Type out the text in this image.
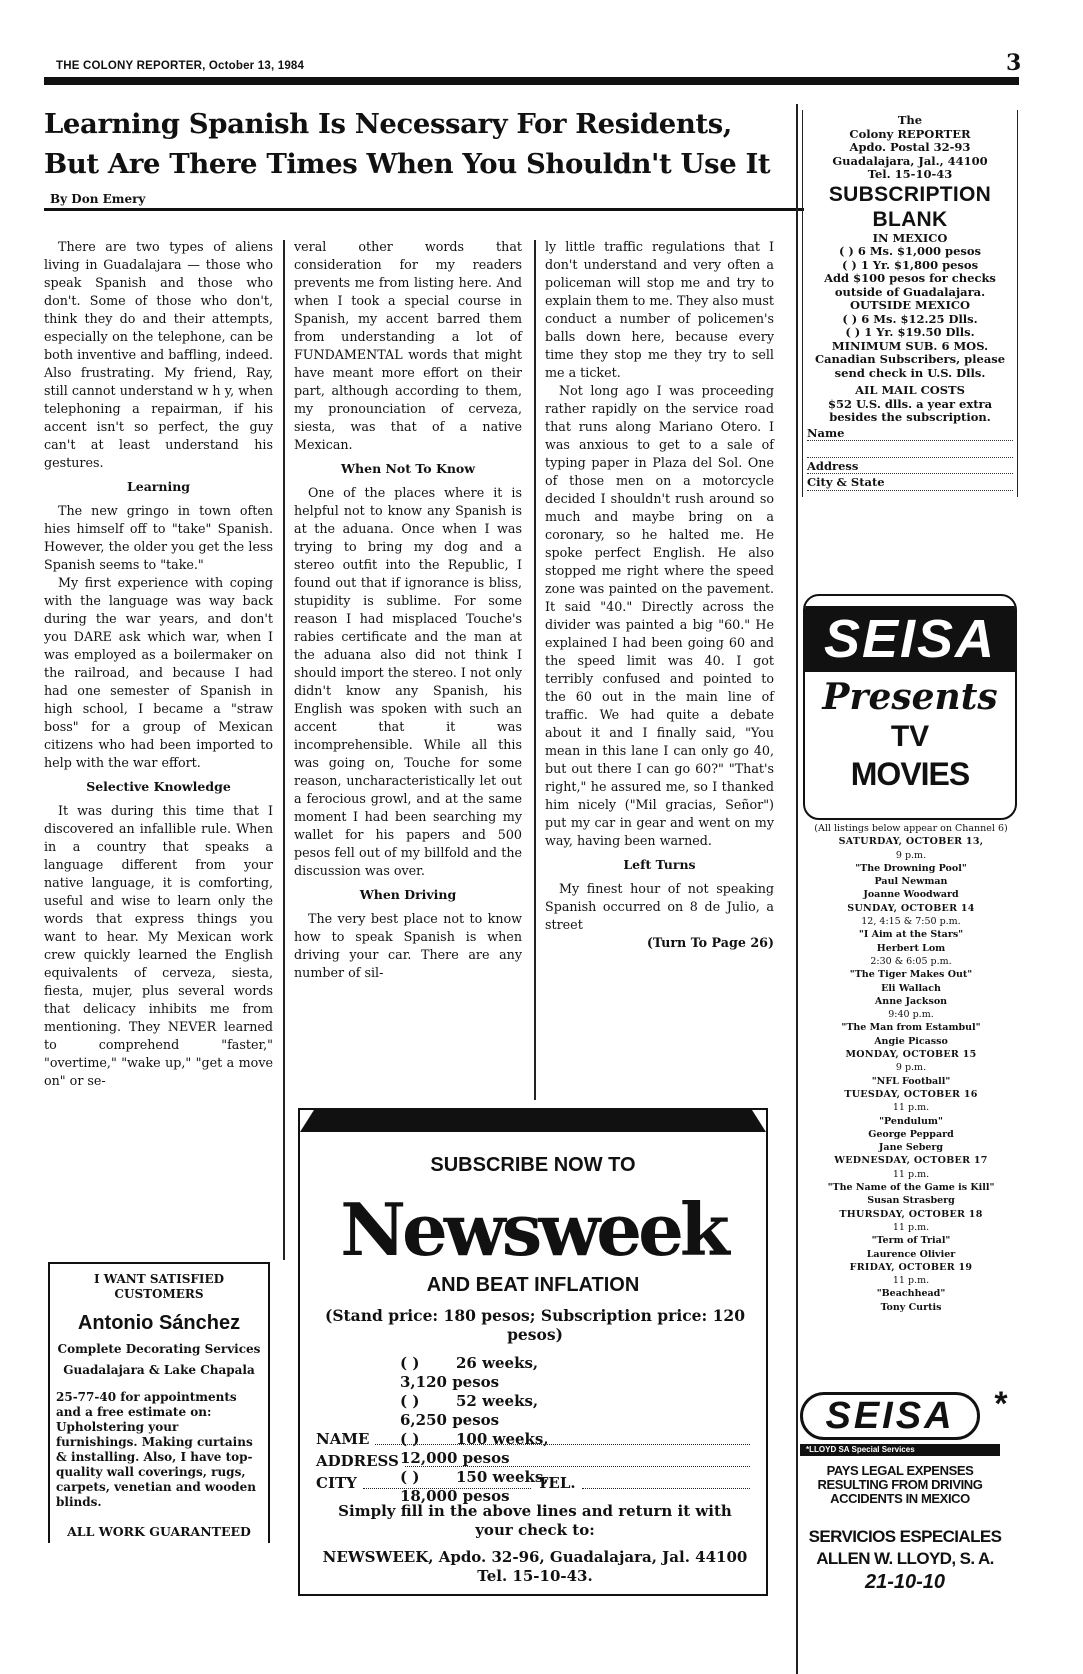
THE COLONY REPORTER, October 13, 1984	3
Learning Spanish Is Necessary For Residents,
But Are There Times When You Shouldn't Use It
By Don Emery

There are two types of aliens living in Guadalajara — those who speak Spanish and those who don't. Some of those who don't, think they do and their attempts, especially on the telephone, can be both inventive and baffling, indeed. Also frustrating. My friend, Ray, still cannot understand w h y, when telephoning a repairman, if his accent isn't so perfect, the guy can't at least understand his gestures.

Learning

The new gringo in town often hies himself off to "take" Spanish. However, the older you get the less Spanish seems to "take."

My first experience with coping with the language was way back during the war years, and don't you DARE ask which war, when I was employed as a boilermaker on the railroad, and because I had had one semester of Spanish in high school, I became a "straw boss" for a group of Mexican citizens who had been imported to help with the war effort.

Selective Knowledge

It was during this time that I discovered an infallible rule. When in a country that speaks a language different from your native language, it is comforting, useful and wise to learn only the words that express things you want to hear. My Mexican work crew quickly learned the English equivalents of cerveza, siesta, fiesta, mujer, plus several words that delicacy inhibits me from mentioning. They NEVER learned to comprehend "faster," "overtime," "wake up," "get a move on" or se-

veral other words that consideration for my readers prevents me from listing here. And when I took a special course in Spanish, my accent barred them from understanding a lot of FUNDAMENTAL words that might have meant more effort on their part, although according to them, my pronounciation of cerveza, siesta, was that of a native Mexican.

When Not To Know

One of the places where it is helpful not to know any Spanish is at the aduana. Once when I was trying to bring my dog and a stereo outfit into the Republic, I found out that if ignorance is bliss, stupidity is sublime. For some reason I had misplaced Touche's rabies certificate and the man at the aduana also did not think I should import the stereo. I not only didn't know any Spanish, his English was spoken with such an accent that it was incomprehensible. While all this was going on, Touche for some reason, uncharacteristically let out a ferocious growl, and at the same moment I had been searching my wallet for his papers and 500 pesos fell out of my billfold and the discussion was over.

When Driving

The very best place not to know how to speak Spanish is when driving your car. There are any number of sil-

ly little traffic regulations that I don't understand and very often a policeman will stop me and try to explain them to me. They also must conduct a number of policemen's balls down here, because every time they stop me they try to sell me a ticket.

Not long ago I was proceeding rather rapidly on the service road that runs along Mariano Otero. I was anxious to get to a sale of typing paper in Plaza del Sol. One of those men on a motorcycle decided I shouldn't rush around so much and maybe bring on a coronary, so he halted me. He spoke perfect English. He also stopped me right where the speed zone was painted on the pavement. It said "40." Directly across the divider was painted a big "60." He explained I had been going 60 and the speed limit was 40. I got terribly confused and pointed to the 60 out in the main line of traffic. We had quite a debate about it and I finally said, "You mean in this lane I can only go 40, but out there I can go 60?" "That's right," he assured me, so I thanked him nicely ("Mil gracias, Señor") put my car in gear and went on my way, having been warned.

Left Turns

My finest hour of not speaking Spanish occurred on 8 de Julio, a street

(Turn To Page 26)
The
Colony REPORTER
Apdo. Postal 32-93
Guadalajara, Jal., 44100
Tel. 15-10-43
SUBSCRIPTION
BLANK
IN MEXICO
( ) 6 Ms. $1,000 pesos
( ) 1 Yr. $1,800 pesos
Add $100 pesos for checks outside of Guadalajara.
OUTSIDE MEXICO
( ) 6 Ms. $12.25 Dlls.
( ) 1 Yr. $19.50 Dlls.
MINIMUM SUB. 6 MOS.
Canadian Subscribers, please send check in U.S. Dlls.
AIL MAIL COSTS
$52 U.S. dlls. a year extra besides the subscription.
Name

Address
City & State
SEISA
Presents
TV
MOVIES
(All listings below appear on Channel 6)
SATURDAY, OCTOBER 13,
9 p.m.
"The Drowning Pool"
Paul Newman
Joanne Woodward
SUNDAY, OCTOBER 14
12, 4:15 & 7:50 p.m.
"I Aim at the Stars"
Herbert Lom
2:30 & 6:05 p.m.
"The Tiger Makes Out"
Eli Wallach
Anne Jackson
9:40 p.m.
"The Man from Estambul"
Angie Picasso
MONDAY, OCTOBER 15
9 p.m.
"NFL Football"
TUESDAY, OCTOBER 16
11 p.m.
"Pendulum"
George Peppard
Jane Seberg
WEDNESDAY, OCTOBER 17
11 p.m.
"The Name of the Game is Kill"
Susan Strasberg
THURSDAY, OCTOBER 18
11 p.m.
"Term of Trial"
Laurence Olivier
FRIDAY, OCTOBER 19
11 p.m.
"Beachhead"
Tony Curtis
SEISA *
*LLOYD SA Special Services
PAYS LEGAL EXPENSES
RESULTING FROM DRIVING
ACCIDENTS IN MEXICO
SERVICIOS ESPECIALES
ALLEN W. LLOYD, S. A.
21-10-10
I WANT SATISFIED CUSTOMERS
Antonio Sánchez
Complete Decorating Services
Guadalajara & Lake Chapala
25-77-40 for appointments and a free estimate on: Upholstering your furnishings. Making curtains & installing. Also, I have top-quality wall coverings, rugs, carpets, venetian and wooden blinds.
ALL WORK GUARANTEED
SUBSCRIBE NOW TO
Newsweek
AND BEAT INFLATION
(Stand price: 180 pesos; Subscription price: 120 pesos)
( ) 26 weeks,3,120 pesos
( ) 52 weeks,6,250 pesos
( ) 100 weeks,12,000 pesos
( ) 150 weeks,18,000 pesos
NAME
ADDRESS
CITY	TEL.
Simply fill in the above lines and return it with your check to:
NEWSWEEK, Apdo. 32-96, Guadalajara, Jal. 44100 Tel. 15-10-43.
